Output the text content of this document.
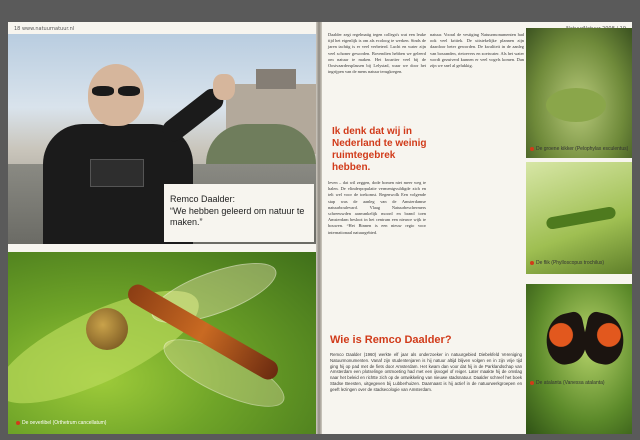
18 www.natuurnatuur.nl
Remco Daalder:
“We hebben geleerd om natuur te maken.”
De oeverlibel (Orthetrum cancellatum)
Daalder zegt regelmatig tegen collega's wat een leuke tijd het eigenlijk is om als ecoloog te werken. Sinds de jaren tachtig is er veel verbeterd. Lucht en water zijn veel schoner geworden. Bovendien hebben we geleerd om natuur te maken. Het kwartier veel bij de Oostvaardersplassen bij Lelystad, waar we door het ingrijpen van de mens natuur terugkregen.
Ik denk dat wij in Nederland te weinig ruimtegebrek hebben.
leven – dat wil zeggen, dode bomen niet meer weg te halen. De vlinderpopulatie vermenigvuldigde zich en telt wel voor de toekomst. Regenwolk Een volgende stap was de aanleg van de Amsterdamse natuurboulevard. Vlaag Natuurbeschermers schreeuwden aanvankelijk moord en brand toen Amsterdam besloot in het centrum een nieuwe wijk te bouwen. “Het Binnen is een nieuw regio voor internationaal natuurgebied.
natuur. Vooral de vestiging Natuurmonumenten had ook veel kritiek. De uitstekelijke plannen zijn daardoor beter geworden. De kwaliteit in de aanleg van bosranden, rietoevers en zoetwater. Als het water wordt gezuiverd kunnen er veel vogels komen. Dan zijn we snel al gelukkig.
De groene kikker (Pelophylax esculentus)
De flik (Phylloscopus trochilus)
De atalanta (Vanessa atalanta)
Wie is Remco Daalder?
Remco Daalder (1960) werkte elf jaar als onderzoeker in natuurgebied Diebekfeld Vereniging Natuurmonumenten. Vanaf zijn studentenjaren is hij natuur altijd blijven volgen en in zijn vrije tijd ging hij op pad met de fiets door Amsterdam. Het kwam dan voor dat hij in de Parklandschap van Amsterdam een plotselinge ontmoeting had met een ijsvogel of reiger. Later maakte hij de omslag naar het beleid en richtte zich op de ontwikkeling van nieuwe stadsnatuur. Daalder schreef het boek Stadse Beesten, uitgegeven bij Lubberhuizen. Daarnaast is hij actief in de natuurwerkgroepen en geeft lezingen over de stadsecologie van Amsterdam.
